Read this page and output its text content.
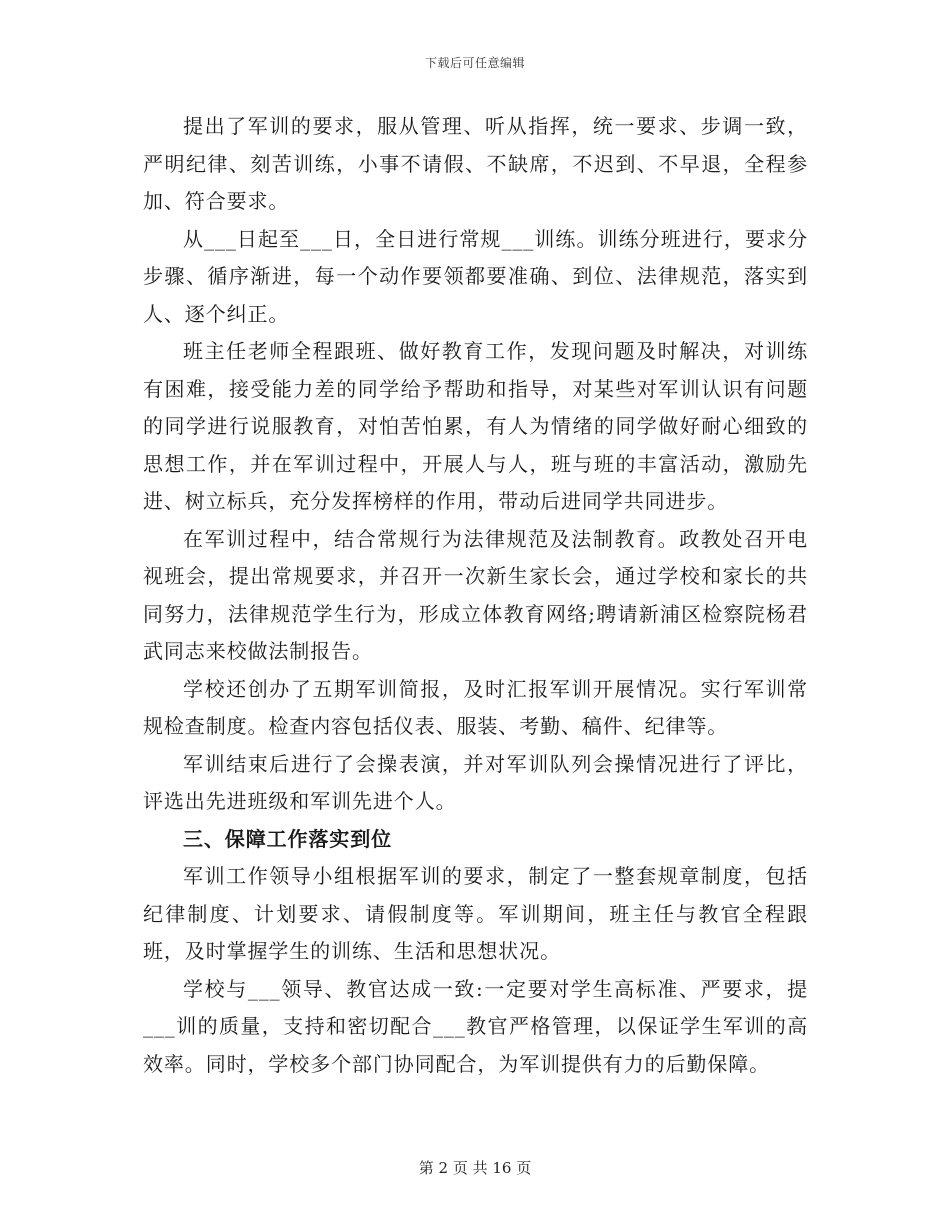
下载后可任意编辑

提出了军训的要求，服从管理、听从指挥，统一要求、步调一致，严明纪律、刻苦训练，小事不请假、不缺席，不迟到、不早退，全程参加、符合要求。

从___日起至___日，全日进行常规___训练。训练分班进行，要求分步骤、循序渐进，每一个动作要领都要准确、到位、法律规范，落实到人、逐个纠正。

班主任老师全程跟班、做好教育工作，发现问题及时解决，对训练有困难，接受能力差的同学给予帮助和指导，对某些对军训认识有问题的同学进行说服教育，对怕苦怕累，有人为情绪的同学做好耐心细致的思想工作，并在军训过程中，开展人与人，班与班的丰富活动，激励先进、树立标兵，充分发挥榜样的作用，带动后进同学共同进步。

在军训过程中，结合常规行为法律规范及法制教育。政教处召开电视班会，提出常规要求，并召开一次新生家长会，通过学校和家长的共同努力，法律规范学生行为，形成立体教育网络;聘请新浦区检察院杨君武同志来校做法制报告。

学校还创办了五期军训简报，及时汇报军训开展情况。实行军训常规检查制度。检查内容包括仪表、服装、考勤、稿件、纪律等。

军训结束后进行了会操表演，并对军训队列会操情况进行了评比，评选出先进班级和军训先进个人。

三、保障工作落实到位

军训工作领导小组根据军训的要求，制定了一整套规章制度，包括纪律制度、计划要求、请假制度等。军训期间，班主任与教官全程跟班，及时掌握学生的训练、生活和思想状况。

学校与___领导、教官达成一致:一定要对学生高标准、严要求，提___训的质量，支持和密切配合___教官严格管理，以保证学生军训的高效率。同时，学校多个部门协同配合，为军训提供有力的后勤保障。

第 2 页 共 16 页
